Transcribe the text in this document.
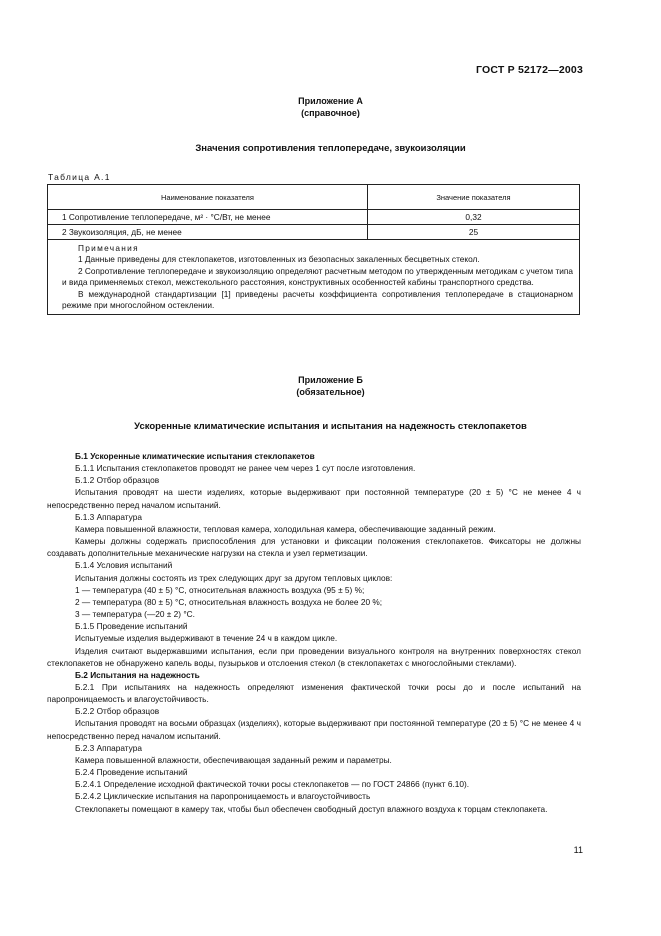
ГОСТ Р 52172—2003
Приложение А
(справочное)
Значения сопротивления теплопередаче, звукоизоляции
Таблица А.1
Наименование показателя	Значение показателя
1 Сопротивление теплопередаче, м² · °С/Вт, не менее	0,32
2 Звукоизоляция, дБ, не менее	25

Примечания

1 Данные приведены для стеклопакетов, изготовленных из безопасных закаленных бесцветных стекол.

2 Сопротивление теплопередаче и звукоизоляцию определяют расчетным методом по утвержденным методикам с учетом типа и вида применяемых стекол, межстекольного расстояния, конструктивных особенностей кабины транспортного средства.

В международной стандартизации [1] приведены расчеты коэффициента сопротивления теплопередаче в стационарном режиме при многослойном остеклении.

Приложение Б
(обязательное)
Ускоренные климатические испытания и испытания на надежность стеклопакетов

Б.1 Ускоренные климатические испытания стеклопакетов

Б.1.1 Испытания стеклопакетов проводят не ранее чем через 1 сут после изготовления.

Б.1.2 Отбор образцов

Испытания проводят на шести изделиях, которые выдерживают при постоянной температуре (20 ± 5) °С не менее 4 ч непосредственно перед началом испытаний.

Б.1.3 Аппаратура

Камера повышенной влажности, тепловая камера, холодильная камера, обеспечивающие заданный режим.

Камеры должны содержать приспособления для установки и фиксации положения стеклопакетов. Фиксаторы не должны создавать дополнительные механические нагрузки на стекла и узел герметизации.

Б.1.4 Условия испытаний

Испытания должны состоять из трех следующих друг за другом тепловых циклов:

1 — температура (40 ± 5) °С, относительная влажность воздуха (95 ± 5) %;

2 — температура (80 ± 5) °С, относительная влажность воздуха не более 20 %;

3 — температура (—20 ± 2) °С.

Б.1.5 Проведение испытаний

Испытуемые изделия выдерживают в течение 24 ч в каждом цикле.

Изделия считают выдержавшими испытания, если при проведении визуального контроля на внутренних поверхностях стекол стеклопакетов не обнаружено капель воды, пузырьков и отслоения стекол (в стеклопакетах с многослойными стеклами).

Б.2 Испытания на надежность

Б.2.1 При испытаниях на надежность определяют изменения фактической точки росы до и после испытаний на паропроницаемость и влагоустойчивость.

Б.2.2 Отбор образцов

Испытания проводят на восьми образцах (изделиях), которые выдерживают при постоянной температуре (20 ± 5) °С не менее 4 ч непосредственно перед началом испытаний.

Б.2.3 Аппаратура

Камера повышенной влажности, обеспечивающая заданный режим и параметры.

Б.2.4 Проведение испытаний

Б.2.4.1 Определение исходной фактической точки росы стеклопакетов — по ГОСТ 24866 (пункт 6.10).

Б.2.4.2 Циклические испытания на паропроницаемость и влагоустойчивость

Стеклопакеты помещают в камеру так, чтобы был обеспечен свободный доступ влажного воздуха к торцам стеклопакета.

11
